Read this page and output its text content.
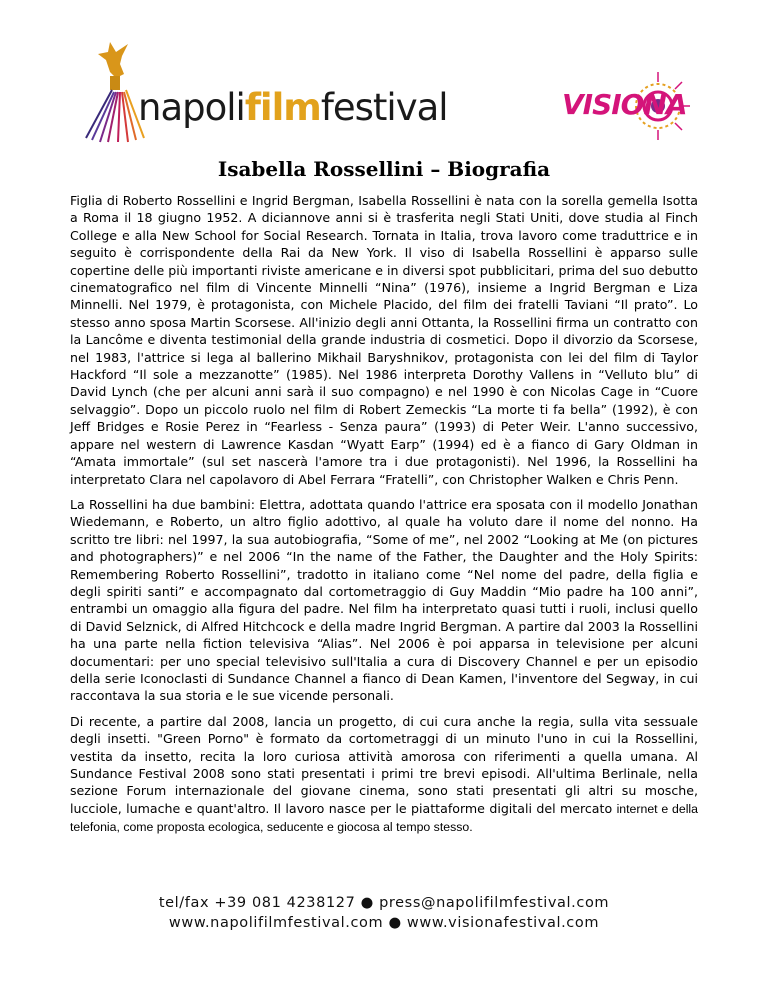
napolifilmfestival	VISIONA
Isabella Rossellini – Biografia

Figlia di Roberto Rossellini e Ingrid Bergman, Isabella Rossellini è nata con la sorella gemella Isotta a Roma il 18 giugno 1952. A diciannove anni si è trasferita negli Stati Uniti, dove studia al Finch College e alla New School for Social Research. Tornata in Italia, trova lavoro come traduttrice e in seguito è corrispondente della Rai da New York. Il viso di Isabella Rossellini è apparso sulle copertine delle più importanti riviste americane e in diversi spot pubblicitari, prima del suo debutto cinematografico nel film di Vincente Minnelli “Nina” (1976), insieme a Ingrid Bergman e Liza Minnelli. Nel 1979, è protagonista, con Michele Placido, del film dei fratelli Taviani “Il prato”. Lo stesso anno sposa Martin Scorsese. All'inizio degli anni Ottanta, la Rossellini firma un contratto con la Lancôme e diventa testimonial della grande industria di cosmetici. Dopo il divorzio da Scorsese, nel 1983, l'attrice si lega al ballerino Mikhail Baryshnikov, protagonista con lei del film di Taylor Hackford “Il sole a mezzanotte” (1985). Nel 1986 interpreta Dorothy Vallens in “Velluto blu” di David Lynch (che per alcuni anni sarà il suo compagno) e nel 1990 è con Nicolas Cage in “Cuore selvaggio”. Dopo un piccolo ruolo nel film di Robert Zemeckis “La morte ti fa bella” (1992), è con Jeff Bridges e Rosie Perez in “Fearless - Senza paura” (1993) di Peter Weir. L'anno successivo, appare nel western di Lawrence Kasdan “Wyatt Earp” (1994) ed è a fianco di Gary Oldman in “Amata immortale” (sul set nascerà l'amore tra i due protagonisti). Nel 1996, la Rossellini ha interpretato Clara nel capolavoro di Abel Ferrara “Fratelli”, con Christopher Walken e Chris Penn.

La Rossellini ha due bambini: Elettra, adottata quando l'attrice era sposata con il modello Jonathan Wiedemann, e Roberto, un altro figlio adottivo, al quale ha voluto dare il nome del nonno. Ha scritto tre libri: nel 1997, la sua autobiografia, “Some of me”, nel 2002 “Looking at Me (on pictures and photographers)” e nel 2006 “In the name of the Father, the Daughter and the Holy Spirits: Remembering Roberto Rossellini”, tradotto in italiano come “Nel nome del padre, della figlia e degli spiriti santi” e accompagnato dal cortometraggio di Guy Maddin “Mio padre ha 100 anni”, entrambi un omaggio alla figura del padre. Nel film ha interpretato quasi tutti i ruoli, inclusi quello di David Selznick, di Alfred Hitchcock e della madre Ingrid Bergman. A partire dal 2003 la Rossellini ha una parte nella fiction televisiva “Alias”. Nel 2006 è poi apparsa in televisione per alcuni documentari: per uno special televisivo sull'Italia a cura di Discovery Channel e per un episodio della serie Iconoclasti di Sundance Channel a fianco di Dean Kamen, l'inventore del Segway, in cui raccontava la sua storia e le sue vicende personali.

Di recente, a partire dal 2008, lancia un progetto, di cui cura anche la regia, sulla vita sessuale degli insetti. "Green Porno" è formato da cortometraggi di un minuto l'uno in cui la Rossellini, vestita da insetto, recita la loro curiosa attività amorosa con riferimenti a quella umana. Al Sundance Festival 2008 sono stati presentati i primi tre brevi episodi. All'ultima Berlinale, nella sezione Forum internazionale del giovane cinema, sono stati presentati gli altri su mosche, lucciole, lumache e quant'altro. Il lavoro nasce per le piattaforme digitali del mercato internet e della telefonia, come proposta ecologica, seducente e giocosa al tempo stesso.

tel/fax +39 081 4238127 ● press@napolifilmfestival.com
www.napolifilmfestival.com ● www.visionafestival.com
